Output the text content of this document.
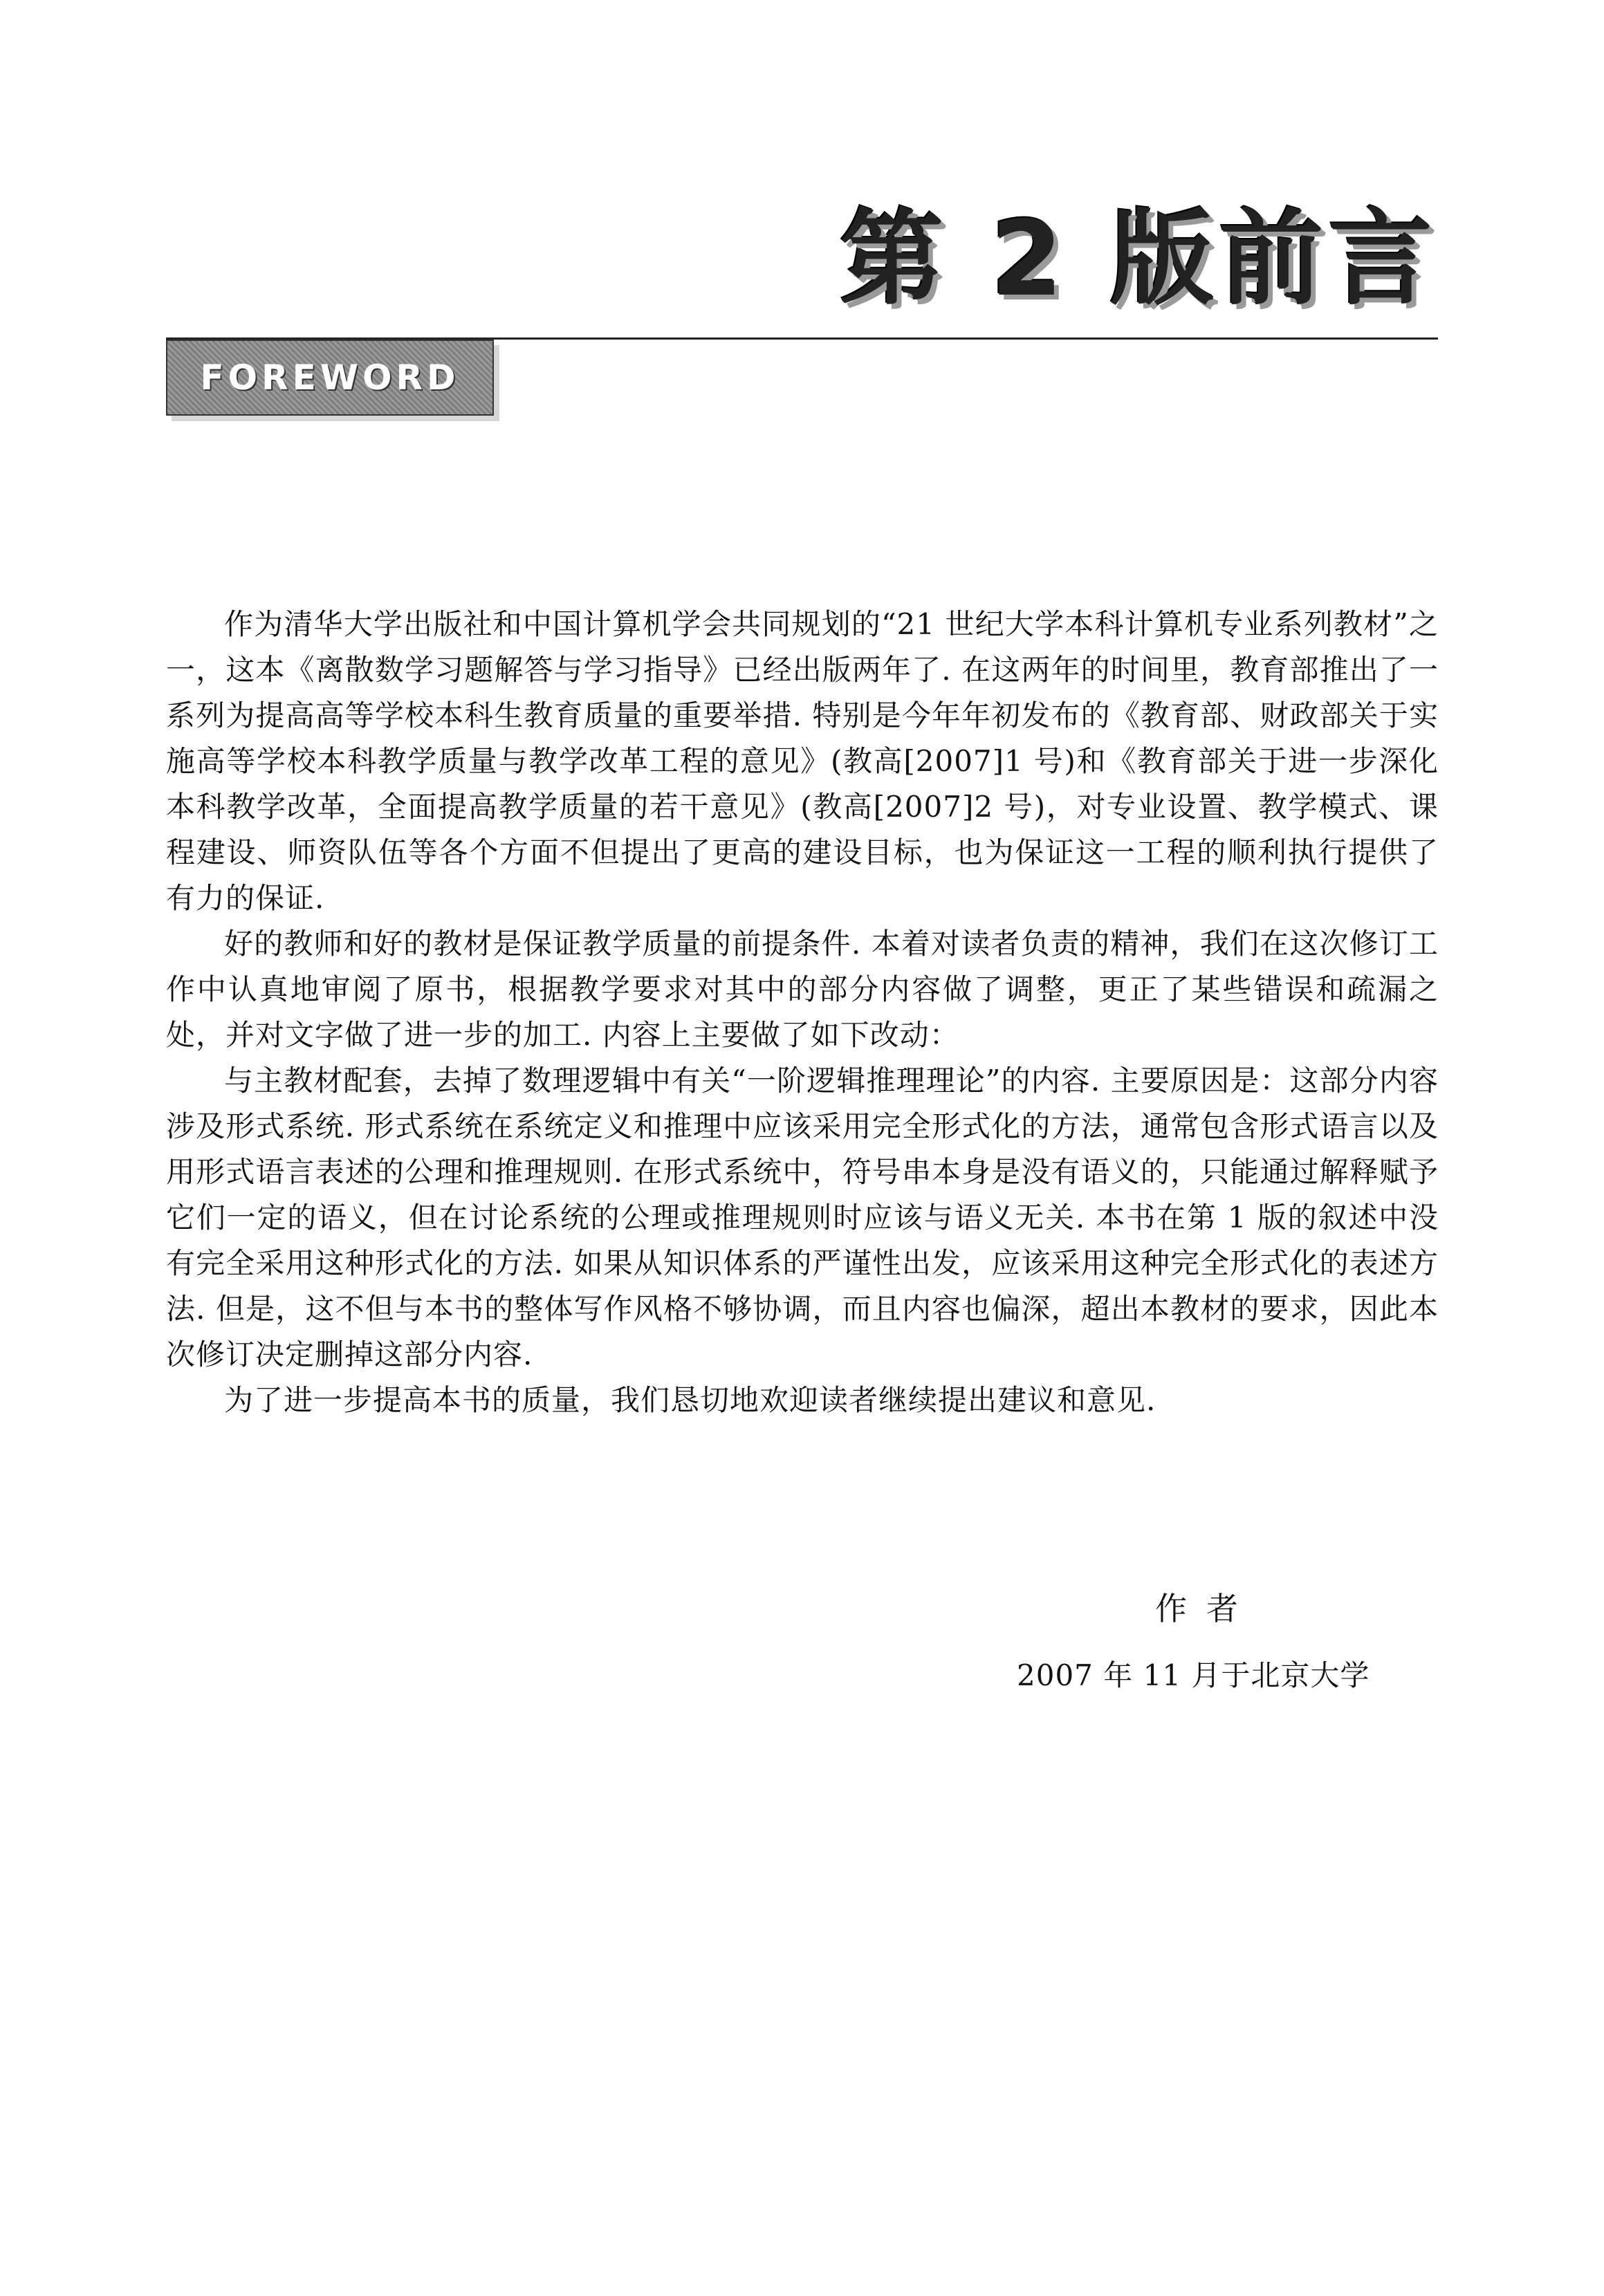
第 2 版前言
FOREWORD

作为清华大学出版社和中国计算机学会共同规划的“21 世纪大学本科计算机专业系列教材”之一，这本《离散数学习题解答与学习指导》已经出版两年了. 在这两年的时间里，教育部推出了一系列为提高高等学校本科生教育质量的重要举措. 特别是今年年初发布的《教育部、财政部关于实施高等学校本科教学质量与教学改革工程的意见》(教高[2007]1 号)和《教育部关于进一步深化本科教学改革，全面提高教学质量的若干意见》(教高[2007]2 号)，对专业设置、教学模式、课程建设、师资队伍等各个方面不但提出了更高的建设目标，也为保证这一工程的顺利执行提供了有力的保证.

好的教师和好的教材是保证教学质量的前提条件. 本着对读者负责的精神，我们在这次修订工作中认真地审阅了原书，根据教学要求对其中的部分内容做了调整，更正了某些错误和疏漏之处，并对文字做了进一步的加工. 内容上主要做了如下改动：

与主教材配套，去掉了数理逻辑中有关“一阶逻辑推理理论”的内容. 主要原因是：这部分内容涉及形式系统. 形式系统在系统定义和推理中应该采用完全形式化的方法，通常包含形式语言以及用形式语言表述的公理和推理规则. 在形式系统中，符号串本身是没有语义的，只能通过解释赋予它们一定的语义，但在讨论系统的公理或推理规则时应该与语义无关. 本书在第 1 版的叙述中没有完全采用这种形式化的方法. 如果从知识体系的严谨性出发，应该采用这种完全形式化的表述方法. 但是，这不但与本书的整体写作风格不够协调，而且内容也偏深，超出本教材的要求，因此本次修订决定删掉这部分内容.

为了进一步提高本书的质量，我们恳切地欢迎读者继续提出建议和意见.

作者
2007 年 11 月于北京大学
